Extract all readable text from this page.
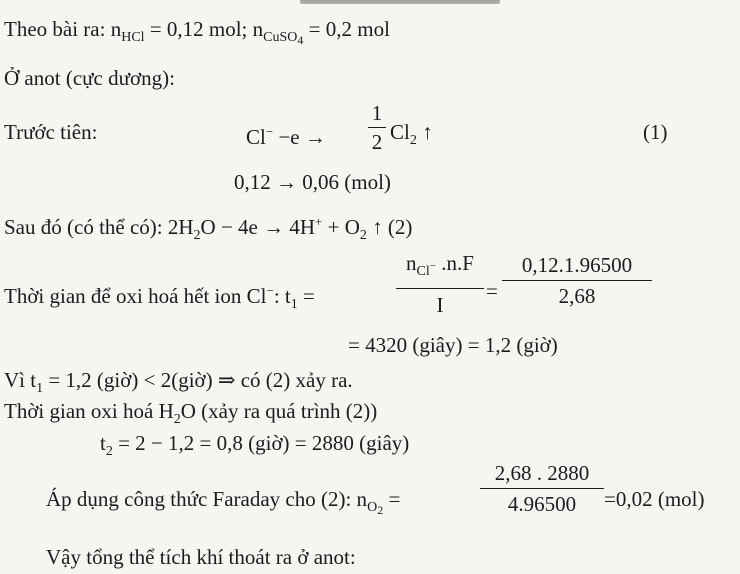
Theo bài ra: $n_{HCl} = 0,12$ mol; $n_{CuSO4} = 0,2$ mol
Ở anot (cực dương):
Trước tiên:	$Cl^- -e \to \frac{1}{2} Cl_2$ ↑	(1)
0,12 → 0,06 (mol)
Sau đó (có thể có): $2H_2O - 4e \to 4H^+ + O_2$ ↑ (2)
Thời gian để oxi hoá hết ion Cl−: $t_1$ =
$n_{Cl^-}$ .n.F
I
= $\frac{0,12.1.96500}{2,68}$
= 4320 (giây) = 1,2 (giờ)
Vì $t_1 = 1,2$ (giờ) < 2(giờ) ⇒ có (2) xảy ra.
Thời gian oxi hoá $H_2O$ (xảy ra quá trình (2))
$t_2 = 2 - 1,2 = 0,8$ (giờ) = 2880 (giây)
Áp dụng công thức Faraday cho (2): $n_{O2}$ =	$\frac{2,68 . 2880}{4.96500} =0,02$ (mol)
Vậy tổng thể tích khí thoát ra ở anot:
